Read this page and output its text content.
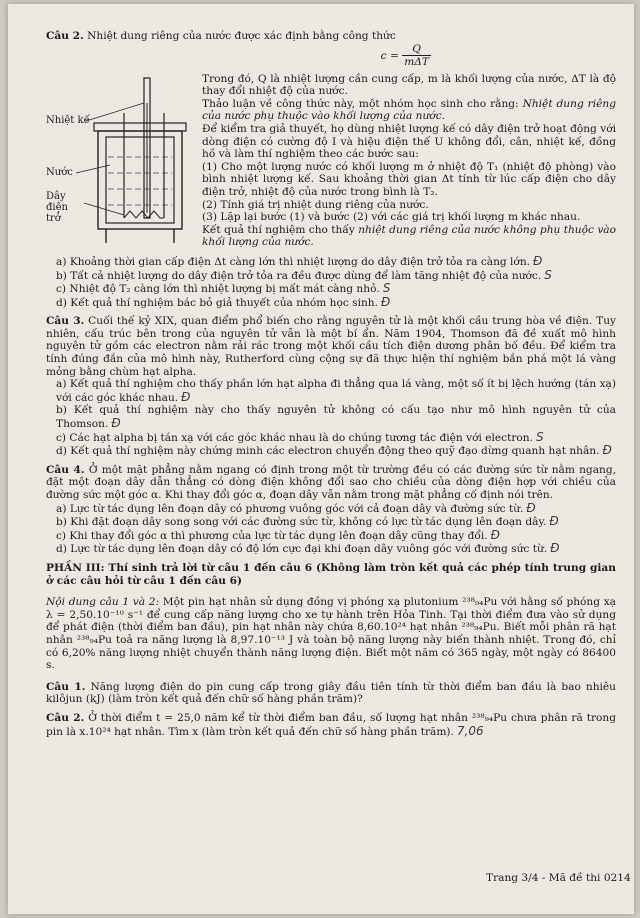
Câu 2. Nhiệt dung riêng của nước được xác định bằng công thức

$c = \frac{Q}{\text{mΔT}}$
Nhiệt kế
Nước
Dây điện trở

Trong đó, Q là nhiệt lượng cần cung cấp, m là khối lượng của nước, ΔT là độ thay đổi nhiệt độ của nước.

Thảo luận về công thức này, một nhóm học sinh cho rằng: Nhiệt dung riêng của nước phụ thuộc vào khối lượng của nước.

Để kiểm tra giả thuyết, họ dùng nhiệt lượng kế có dây điện trở hoạt động với dòng điện có cường độ I và hiệu điện thế U không đổi, cân, nhiệt kế, đồng hồ và làm thí nghiệm theo các bước sau:

(1) Cho một lượng nước có khối lượng m ở nhiệt độ T₁ (nhiệt độ phòng) vào bình nhiệt lượng kế. Sau khoảng thời gian Δt tính từ lúc cấp điện cho dây điện trở, nhiệt độ của nước trong bình là T₂.

(2) Tính giá trị nhiệt dung riêng của nước.

(3) Lặp lại bước (1) và bước (2) với các giá trị khối lượng m khác nhau.

Kết quả thí nghiệm cho thấy nhiệt dung riêng của nước không phụ thuộc vào khối lượng của nước.

a) Khoảng thời gian cấp điện Δt càng lớn thì nhiệt lượng do dây điện trở tỏa ra càng lớn. Đ

b) Tất cả nhiệt lượng do dây điện trở tỏa ra đều được dùng để làm tăng nhiệt độ của nước. S

c) Nhiệt độ T₂ càng lớn thì nhiệt lượng bị mất mát càng nhỏ. S

d) Kết quả thí nghiệm bác bỏ giả thuyết của nhóm học sinh. Đ

Câu 3. Cuối thế kỷ XIX, quan điểm phổ biến cho rằng nguyên tử là một khối cầu trung hòa về điện. Tuy nhiên, cấu trúc bên trong của nguyên tử vẫn là một bí ẩn. Năm 1904, Thomson đã đề xuất mô hình nguyên tử gồm các electron nằm rải rác trong một khối cầu tích điện dương phân bố đều. Để kiểm tra tính đúng đắn của mô hình này, Rutherford cùng cộng sự đã thực hiện thí nghiệm bắn phá một lá vàng mỏng bằng chùm hạt alpha.

a) Kết quả thí nghiệm cho thấy phần lớn hạt alpha đi thẳng qua lá vàng, một số ít bị lệch hướng (tán xạ) với các góc khác nhau. Đ

b) Kết quả thí nghiệm này cho thấy nguyên tử không có cấu tạo như mô hình nguyên tử của Thomson. Đ

c) Các hạt alpha bị tán xạ với các góc khác nhau là do chúng tương tác điện với electron. S

d) Kết quả thí nghiệm này chứng minh các electron chuyển động theo quỹ đạo dừng quanh hạt nhân. Đ

Câu 4. Ở một mặt phẳng nằm ngang có định trong một từ trường đều có các đường sức từ nằm ngang, đặt một đoạn dây dẫn thẳng có dòng điện không đổi sao cho chiều của dòng điện hợp với chiều của đường sức một góc α. Khi thay đổi góc α, đoạn dây vẫn nằm trong mặt phẳng cố định nói trên.

a) Lực từ tác dụng lên đoạn dây có phương vuông góc với cả đoạn dây và đường sức từ. Đ

b) Khi đặt đoạn dây song song với các đường sức từ, không có lực từ tác dụng lên đoạn dây. Đ

c) Khi thay đổi góc α thì phương của lực từ tác dụng lên đoạn dây cũng thay đổi. Đ

d) Lực từ tác dụng lên đoạn dây có độ lớn cực đại khi đoạn dây vuông góc với đường sức từ. Đ

PHẦN III: Thí sinh trả lời từ câu 1 đến câu 6 (Không làm tròn kết quả các phép tính trung gian ở các câu hỏi từ câu 1 đến câu 6)

Nội dung câu 1 và 2: Một pin hạt nhân sử dụng đồng vị phóng xạ plutonium ²³⁸₉₄Pu với hằng số phóng xạ λ = 2,50.10⁻¹⁰ s⁻¹ để cung cấp năng lượng cho xe tự hành trên Hỏa Tinh. Tại thời điểm đưa vào sử dụng để phát điện (thời điểm ban đầu), pin hạt nhân này chứa 8,60.10²⁴ hạt nhân ²³⁸₉₄Pu. Biết mỗi phân rã hạt nhân ²³⁸₉₄Pu toả ra năng lượng là 8,97.10⁻¹³ J và toàn bộ năng lượng này biến thành nhiệt. Trong đó, chỉ có 6,20% năng lượng nhiệt chuyển thành năng lượng điện. Biết một năm có 365 ngày, một ngày có 86400 s.

Câu 1. Năng lượng điện do pin cung cấp trong giây đầu tiên tính từ thời điểm ban đầu là bao nhiêu kilôjun (kJ) (làm tròn kết quả đến chữ số hàng phần trăm)?

Câu 2. Ở thời điểm t = 25,0 năm kể từ thời điểm ban đầu, số lượng hạt nhân ²³⁸₉₄Pu chưa phân rã trong pin là x.10²⁴ hạt nhân. Tìm x (làm tròn kết quả đến chữ số hàng phần trăm). 7,06

Trang 3/4 - Mã đề thi 0214
